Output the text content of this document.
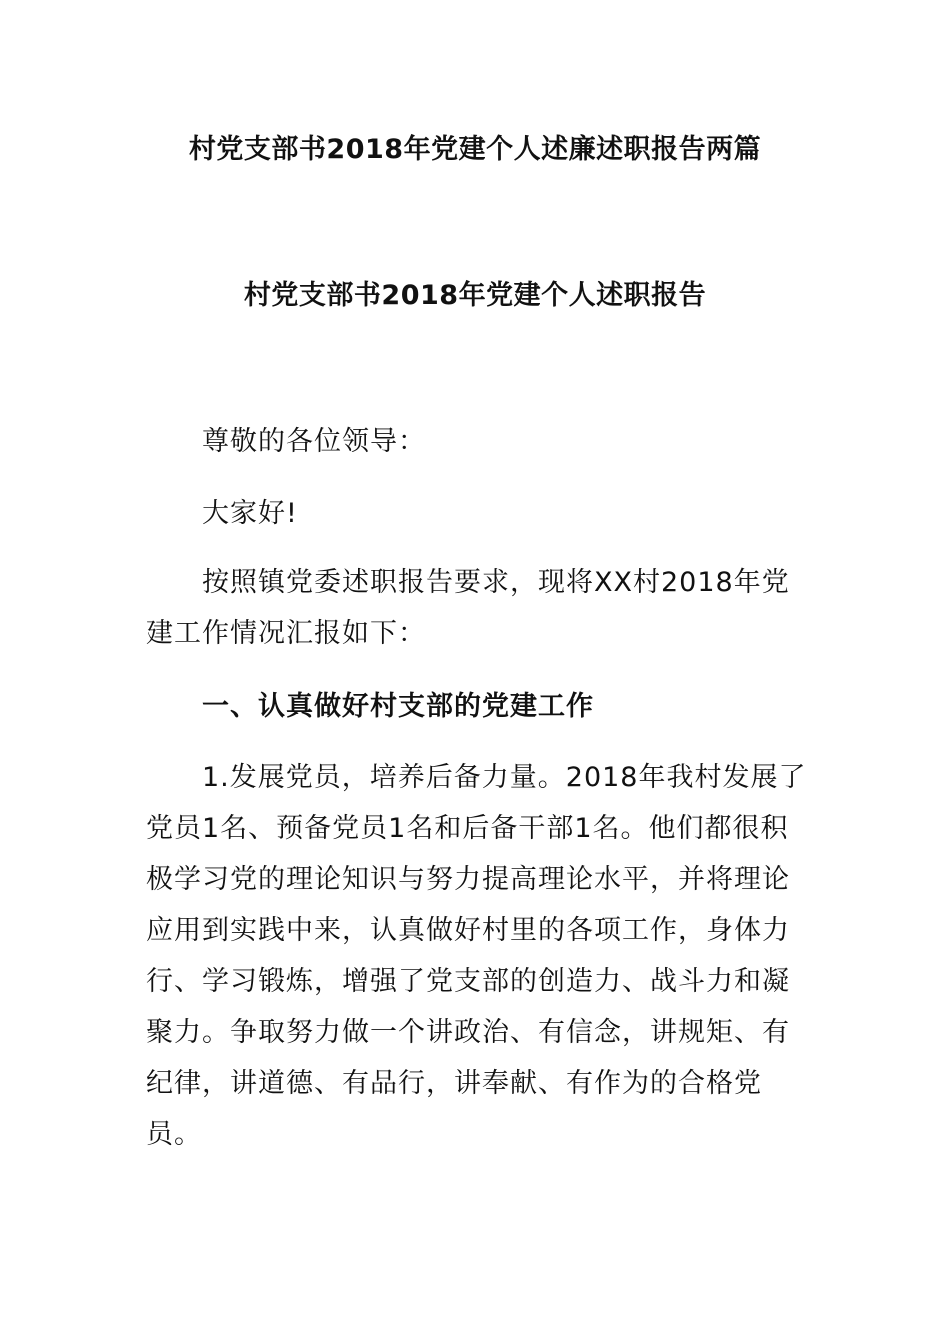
村党支部书2018年党建个人述廉述职报告两篇
村党支部书2018年党建个人述职报告

尊敬的各位领导：

大家好!

按照镇党委述职报告要求，现将XX村2018年党建工作情况汇报如下：

一、认真做好村支部的党建工作

1.发展党员，培养后备力量。2018年我村发展了党员1名、预备党员1名和后备干部1名。他们都很积极学习党的理论知识与努力提高理论水平，并将理论应用到实践中来，认真做好村里的各项工作，身体力行、学习锻炼，增强了党支部的创造力、战斗力和凝聚力。争取努力做一个讲政治、有信念，讲规矩、有纪律，讲道德、有品行，讲奉献、有作为的合格党员。
